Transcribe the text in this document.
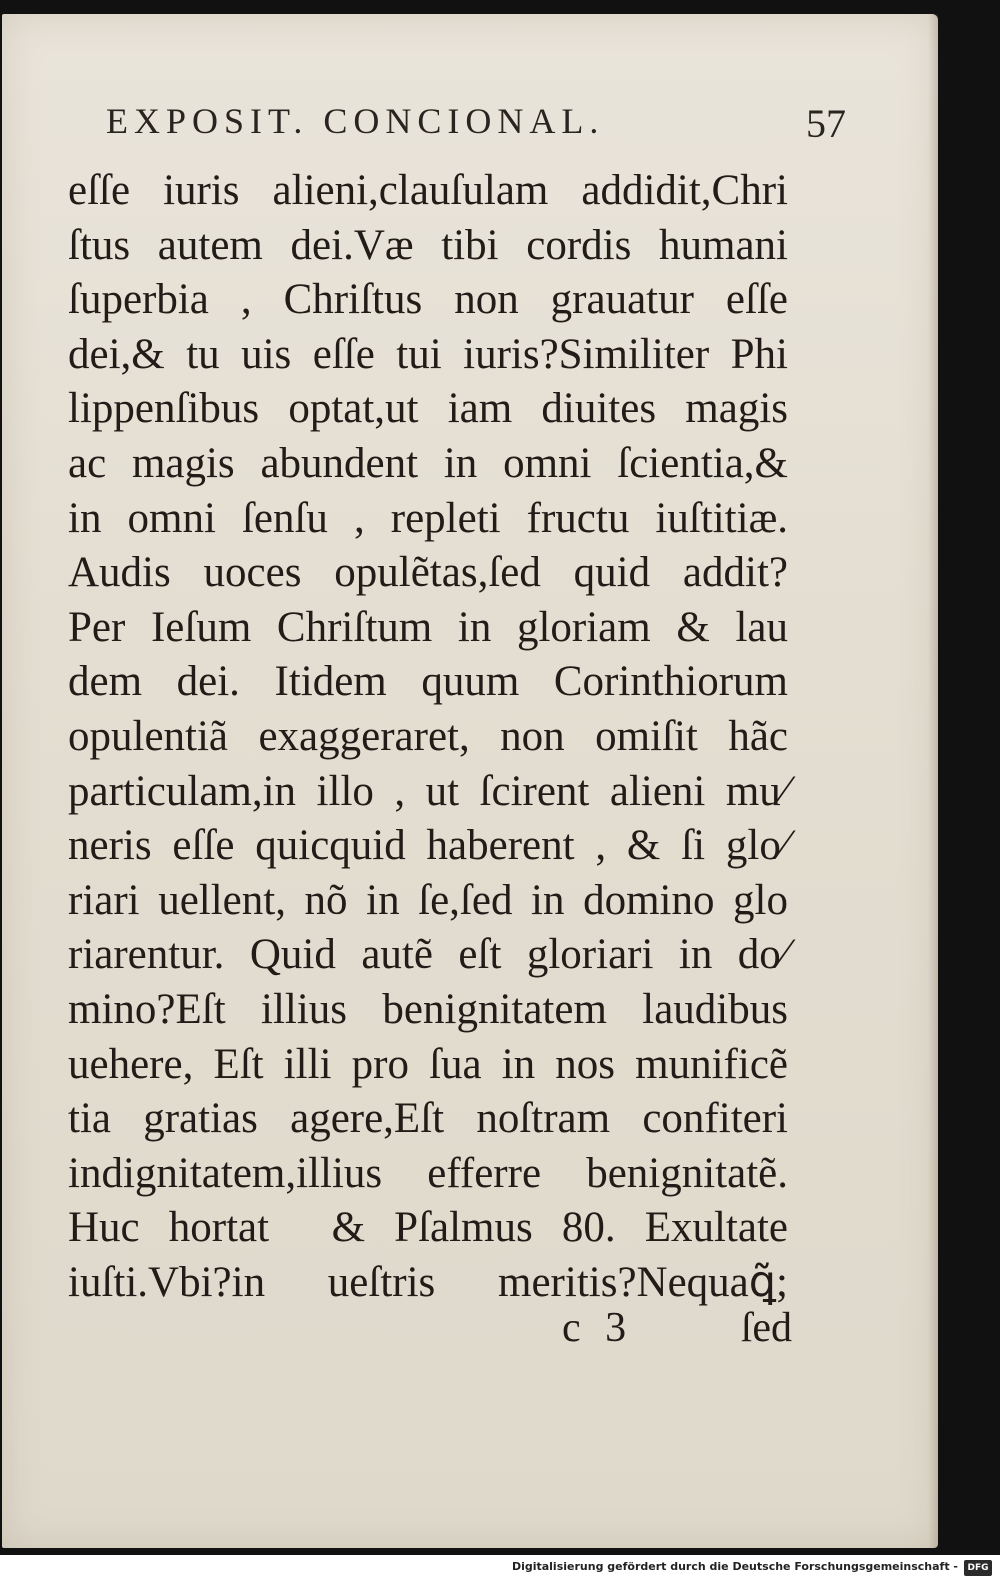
EXPOSIT. CONCIONAL.	57
eſſe iuris alieni,clauſulam addidit,Chri
ſtus autem dei.Væ tibi cordis humani
ſuperbia , Chriſtus non grauatur eſſe
dei,& tu uis eſſe tui iuris?Similiter Phi
lippenſibus optat,ut iam diuites magis
ac magis abundent in omni ſcientia,&
in omni ſenſu , repleti fructu iuſtitiæ.
Audis uoces opulẽtas,ſed quid addit?
Per Ieſum Chriſtum in gloriam & lau
dem dei. Itidem quum Corinthiorum
opulentiã exaggeraret, non omiſit hãc
particulam,in illo , ut ſcirent alieni mu⁄
neris eſſe quicquid haberent , & ſi glo⁄
riari uellent, nõ in ſe,ſed in domino glo
riarentur. Quid autẽ eſt gloriari in do⁄
mino?Eſt illius benignitatem laudibus
uehere, Eſt illi pro ſua in nos munificẽ
tia gratias agere,Eſt noſtram confiteri
indignitatem,illius efferre benignitatẽ.
Huc hortat᷑ & Pſalmus 80. Exultate
iuſti.Vbi?in ueſtris meritis?Nequaꝗ̃;
c 3	ſed
Digitalisierung gefördert durch die Deutsche Forschungsgemeinschaft -	DFG
